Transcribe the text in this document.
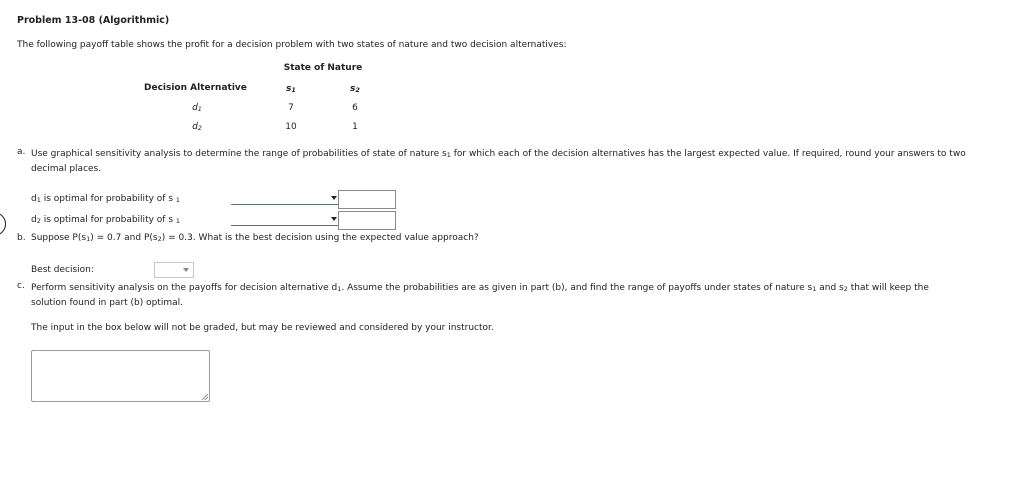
Problem 13-08 (Algorithmic)
The following payoff table shows the profit for a decision problem with two states of nature and two decision alternatives:
State of Nature
Decision Alternative	$s_1$	$s_2$
$d_1$	7	6
$d_2$	10	1
a. Use graphical sensitivity analysis to determine the range of probabilities of state of nature $s_1$ for which each of the decision alternatives has the largest expected value. If required, round your answers to two
decimal places.
$d_1$ is optimal for probability of s $_1$
$d_2$ is optimal for probability of s $_1$
b. Suppose $P(s_1) = 0.7$ and $P(s_2) = 0.3$. What is the best decision using the expected value approach?
Best decision:
c. Perform sensitivity analysis on the payoffs for decision alternative $d_1$. Assume the probabilities are as given in part (b), and find the range of payoffs under states of nature $s_1$ and $s_2$ that will keep the
solution found in part (b) optimal.
The input in the box below will not be graded, but may be reviewed and considered by your instructor.
